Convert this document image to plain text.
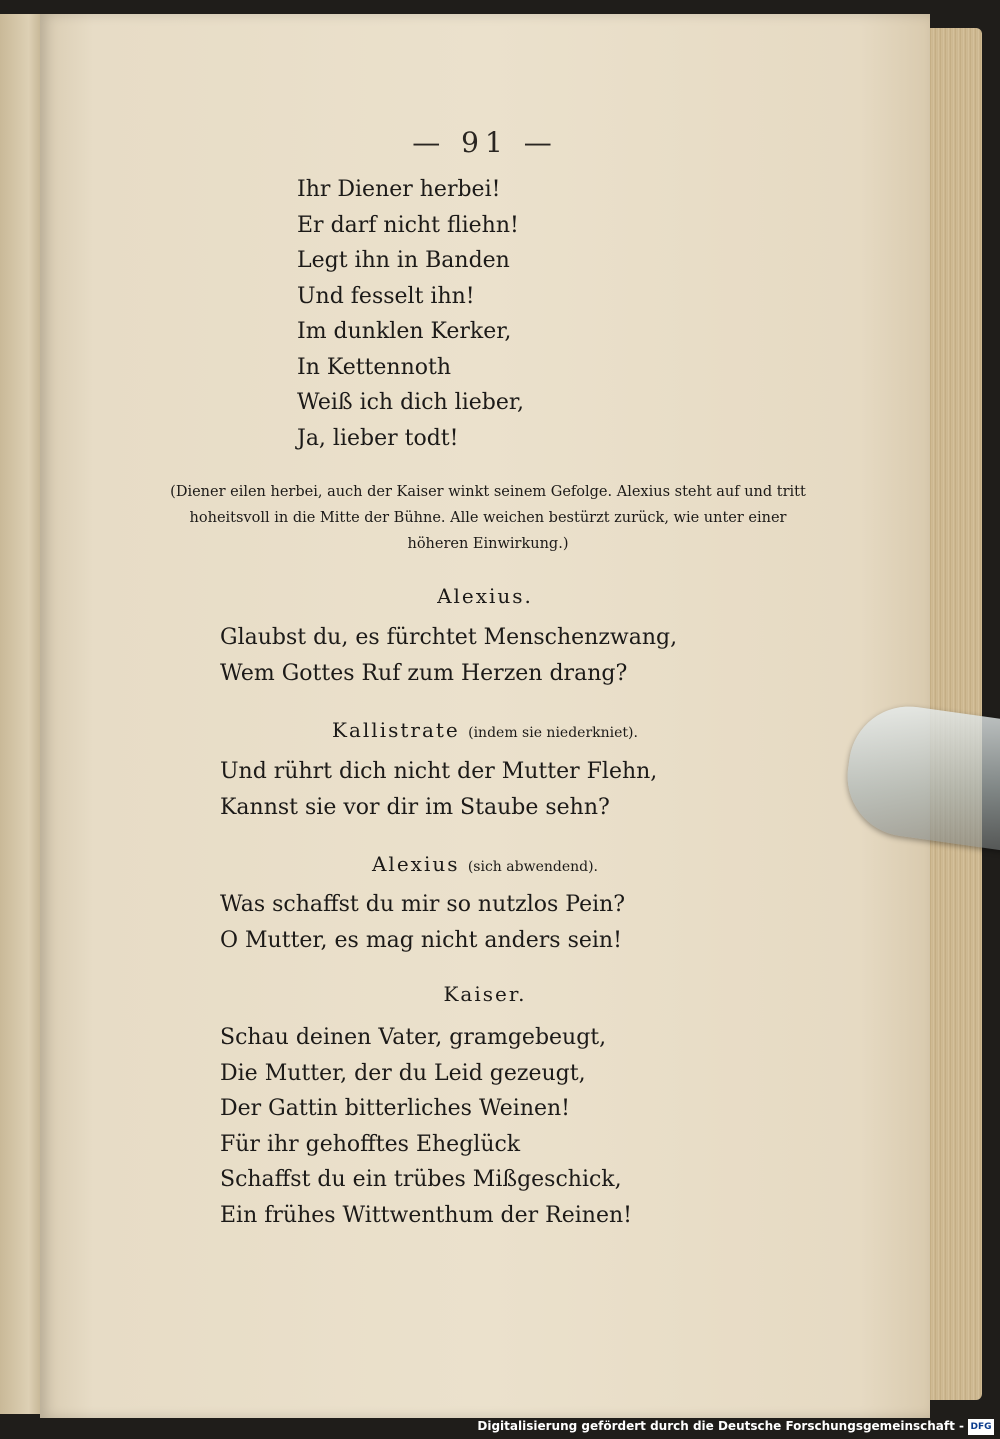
— 91 —
Ihr Diener herbei!
Er darf nicht fliehn!
Legt ihn in Banden
Und fesselt ihn!
Im dunklen Kerker,
In Kettennoth
Weiß ich dich lieber,
Ja, lieber todt!
(Diener eilen herbei, auch der Kaiser winkt seinem Gefolge. Alexius steht auf und tritt hoheitsvoll in die Mitte der Bühne. Alle weichen bestürzt zurück, wie unter einer höheren Einwirkung.)
Alexius.
Glaubst du, es fürchtet Menschenzwang,
Wem Gottes Ruf zum Herzen drang?
Kallistrate (indem sie niederkniet).
Und rührt dich nicht der Mutter Flehn,
Kannst sie vor dir im Staube sehn?
Alexius (sich abwendend).
Was schaffst du mir so nutzlos Pein?
O Mutter, es mag nicht anders sein!
Kaiser.
Schau deinen Vater, gramgebeugt,
Die Mutter, der du Leid gezeugt,
Der Gattin bitterliches Weinen!
Für ihr gehofftes Eheglück
Schaffst du ein trübes Mißgeschick,
Ein frühes Wittwenthum der Reinen!
Digitalisierung gefördert durch die Deutsche Forschungsgemeinschaft - DFG
